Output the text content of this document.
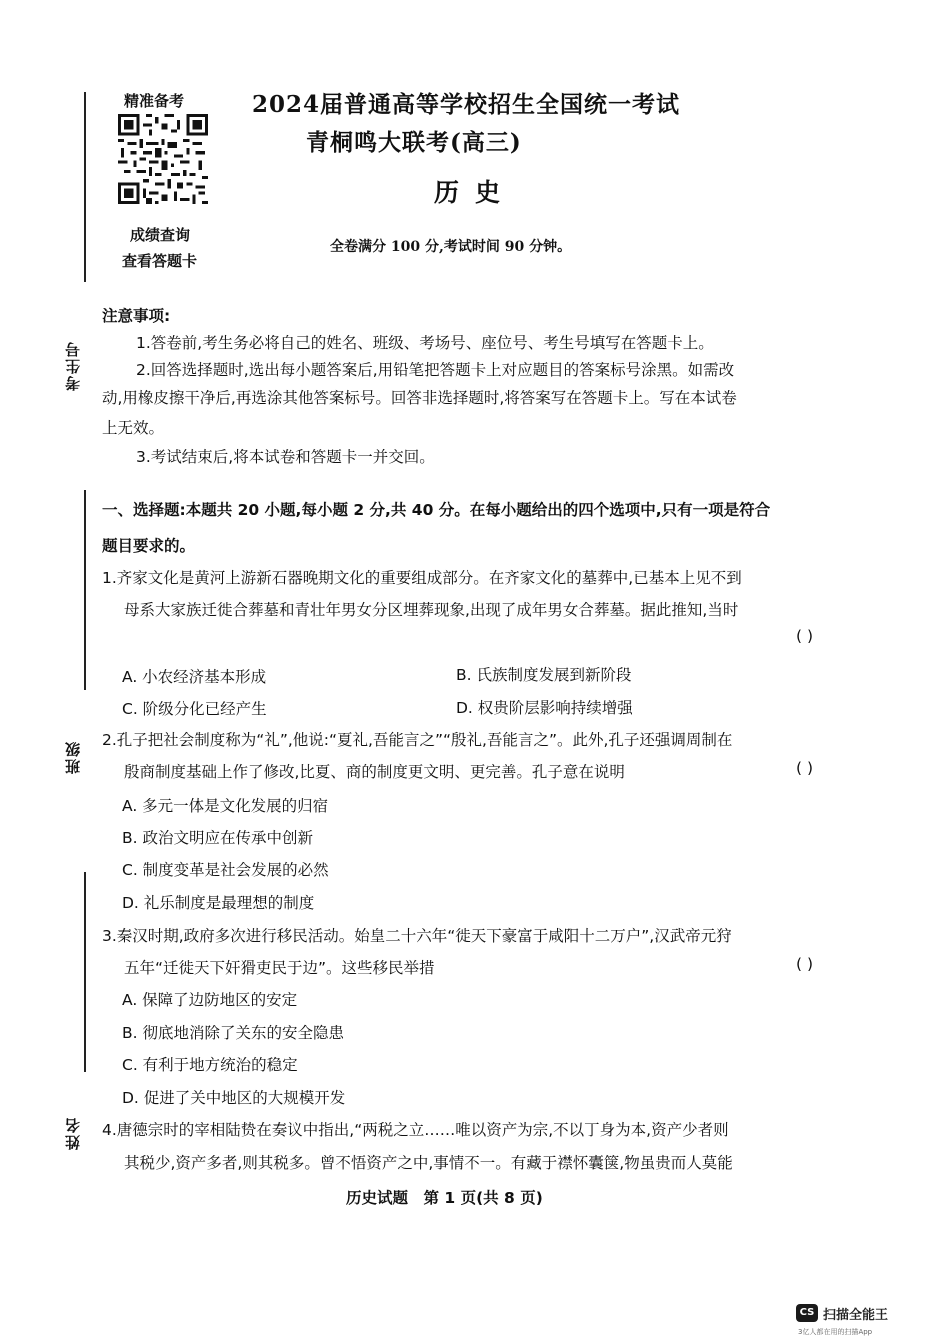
考生号
班级
姓名
精准备考
成绩查询
查看答题卡
2024届普通高等学校招生全国统一考试
青桐鸣大联考(高三)
历史
全卷满分 100 分,考试时间 90 分钟。
注意事项:
1.答卷前,考生务必将自己的姓名、班级、考场号、座位号、考生号填写在答题卡上。
2.回答选择题时,选出每小题答案后,用铅笔把答题卡上对应题目的答案标号涂黑。如需改
动,用橡皮擦干净后,再选涂其他答案标号。回答非选择题时,将答案写在答题卡上。写在本试卷
上无效。
3.考试结束后,将本试卷和答题卡一并交回。
一、选择题:本题共 20 小题,每小题 2 分,共 40 分。在每小题给出的四个选项中,只有一项是符合
题目要求的。
1.齐家文化是黄河上游新石器晚期文化的重要组成部分。在齐家文化的墓葬中,已基本上见不到
母系大家族迁徙合葬墓和青壮年男女分区埋葬现象,出现了成年男女合葬墓。据此推知,当时
( )
A. 小农经济基本形成	B. 氏族制度发展到新阶段
C. 阶级分化已经产生	D. 权贵阶层影响持续增强
2.孔子把社会制度称为“礼”,他说:“夏礼,吾能言之”“殷礼,吾能言之”。此外,孔子还强调周制在
殷商制度基础上作了修改,比夏、商的制度更文明、更完善。孔子意在说明	( )
A. 多元一体是文化发展的归宿
B. 政治文明应在传承中创新
C. 制度变革是社会发展的必然
D. 礼乐制度是最理想的制度
3.秦汉时期,政府多次进行移民活动。始皇二十六年“徙天下豪富于咸阳十二万户”,汉武帝元狩
五年“迁徙天下奸猾吏民于边”。这些移民举措	( )
A. 保障了边防地区的安定
B. 彻底地消除了关东的安全隐患
C. 有利于地方统治的稳定
D. 促进了关中地区的大规模开发
4.唐德宗时的宰相陆贽在奏议中指出,“两税之立……唯以资产为宗,不以丁身为本,资产少者则
其税少,资产多者,则其税多。曾不悟资产之中,事情不一。有藏于襟怀囊箧,物虽贵而人莫能
历史试题　第 1 页(共 8 页)
CS 扫描全能王
3亿人都在用的扫描App
